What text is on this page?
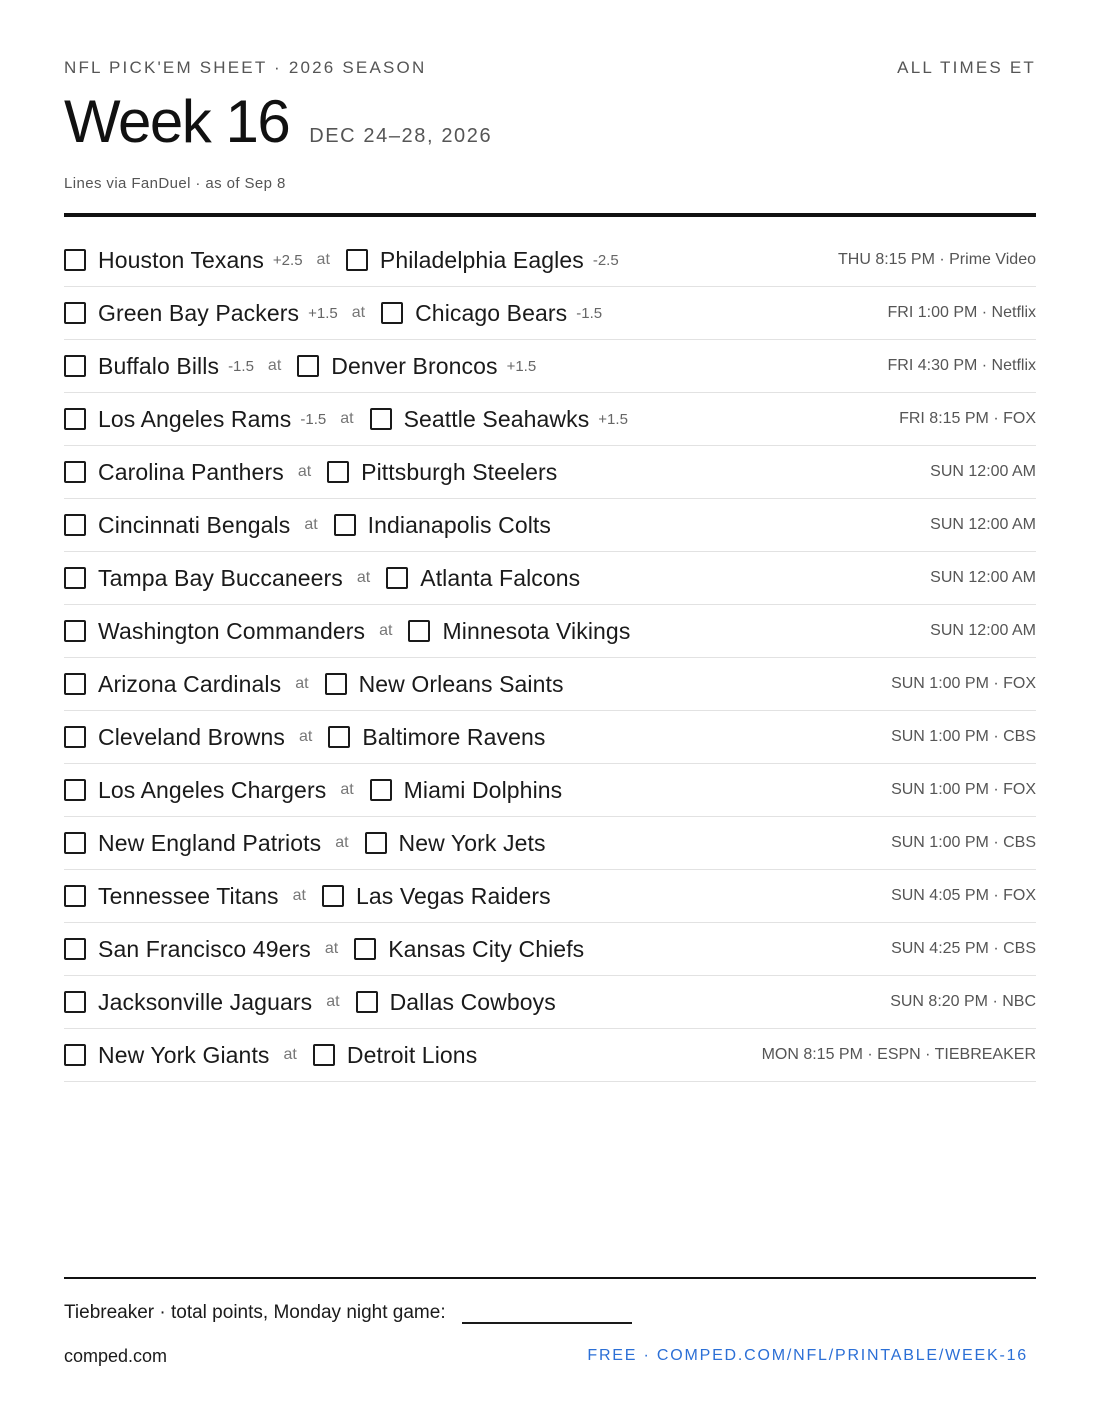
NFL PICK'EM SHEET · 2026 SEASON	ALL TIMES ET
Week 16 DEC 24–28, 2026
Lines via FanDuel · as of Sep 8
Houston Texans +2.5 at Philadelphia Eagles -2.5	THU 8:15 PM · Prime Video
Green Bay Packers +1.5 at Chicago Bears -1.5	FRI 1:00 PM · Netflix
Buffalo Bills -1.5 at Denver Broncos +1.5	FRI 4:30 PM · Netflix
Los Angeles Rams -1.5 at Seattle Seahawks +1.5	FRI 8:15 PM · FOX
Carolina Panthers at Pittsburgh Steelers	SUN 12:00 AM
Cincinnati Bengals at Indianapolis Colts	SUN 12:00 AM
Tampa Bay Buccaneers at Atlanta Falcons	SUN 12:00 AM
Washington Commanders at Minnesota Vikings	SUN 12:00 AM
Arizona Cardinals at New Orleans Saints	SUN 1:00 PM · FOX
Cleveland Browns at Baltimore Ravens	SUN 1:00 PM · CBS
Los Angeles Chargers at Miami Dolphins	SUN 1:00 PM · FOX
New England Patriots at New York Jets	SUN 1:00 PM · CBS
Tennessee Titans at Las Vegas Raiders	SUN 4:05 PM · FOX
San Francisco 49ers at Kansas City Chiefs	SUN 4:25 PM · CBS
Jacksonville Jaguars at Dallas Cowboys	SUN 8:20 PM · NBC
New York Giants at Detroit Lions	MON 8:15 PM · ESPN · TIEBREAKER
Tiebreaker · total points, Monday night game:
comped.com	FREE · COMPED.COM/NFL/PRINTABLE/WEEK-16
